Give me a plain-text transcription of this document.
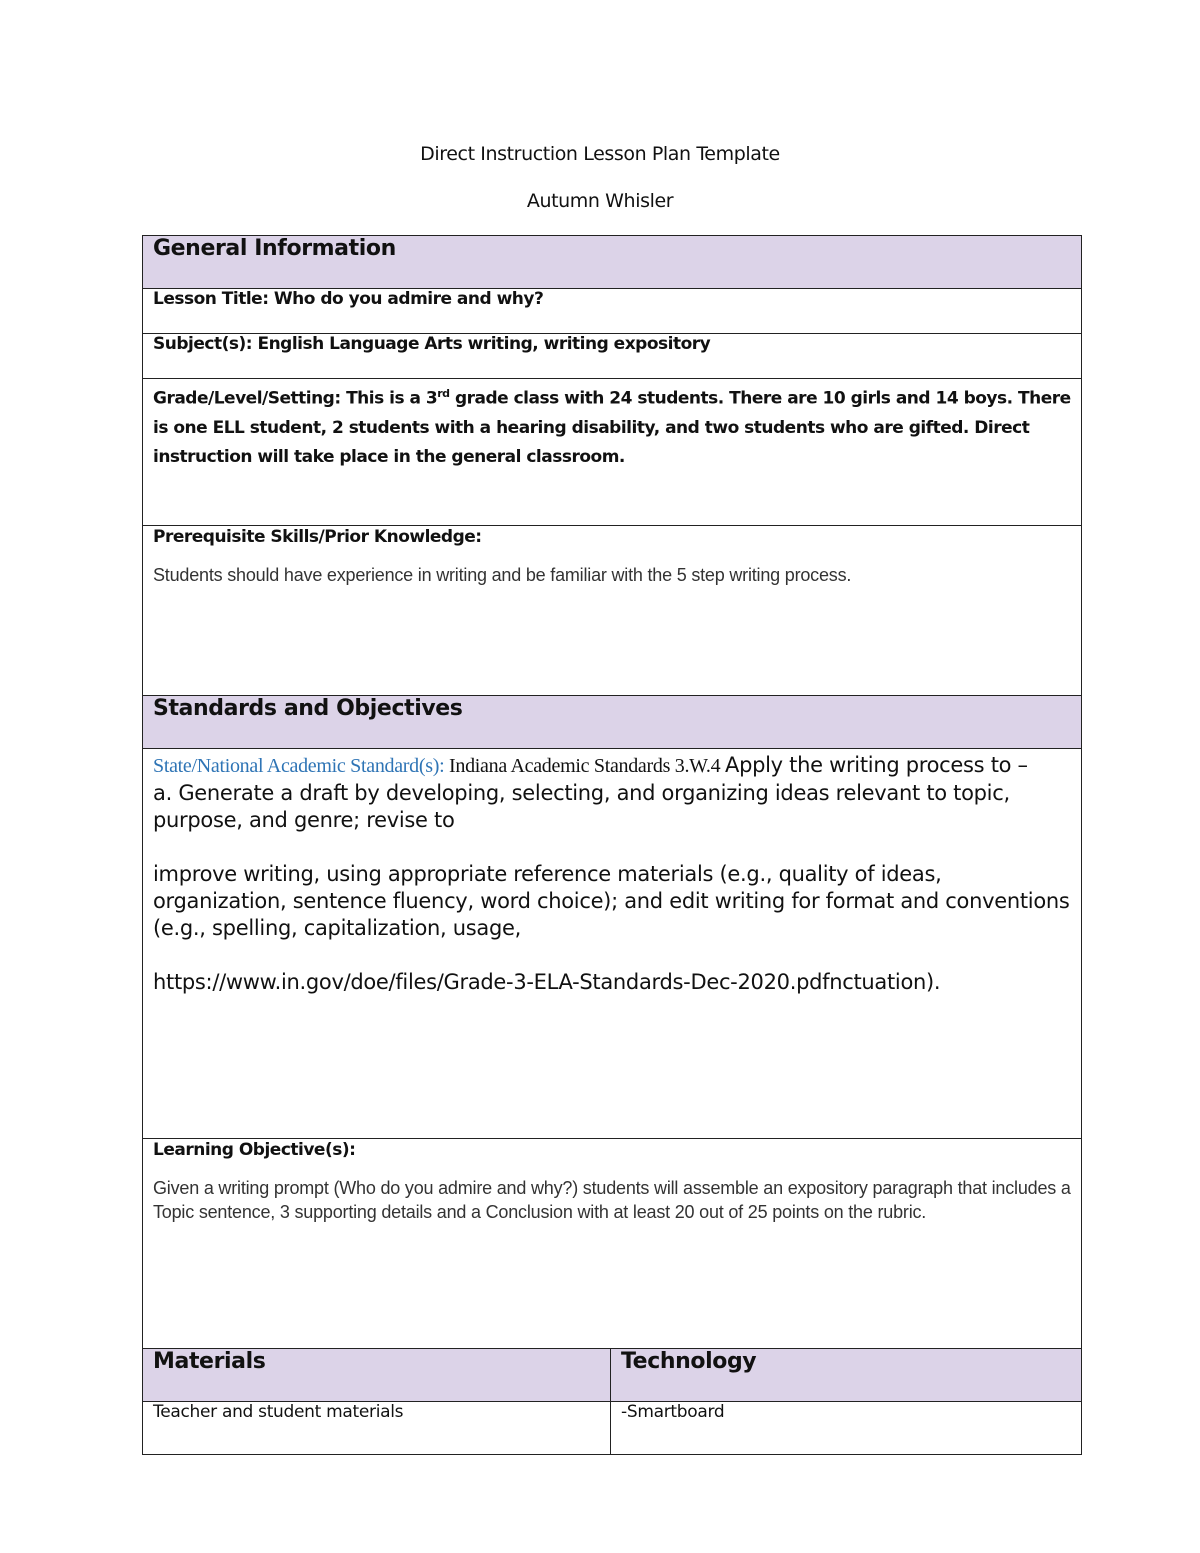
Direct Instruction Lesson Plan Template
Autumn Whisler
General Information	
Lesson Title: Who do you admire and why?	
Subject(s): English Language Arts writing, writing expository	
Grade/Level/Setting: This is a 3rd grade class with 24 students. There are 10 girls and 14 boys. There is one ELL student, 2 students with a hearing disability, and two students who are gifted. Direct instruction will take place in the general classroom.	

Prerequisite Skills/Prior Knowledge:

Students should have experience in writing and be familiar with the 5 step writing process.	

Standards and Objectives	

State/National Academic Standard(s): Indiana Academic Standards 3.W.4 Apply the writing process to –

a. Generate a draft by developing, selecting, and organizing ideas relevant to topic, purpose, and genre; revise to

improve writing, using appropriate reference materials (e.g., quality of ideas, organization, sentence fluency, word choice); and edit writing for format and conventions (e.g., spelling, capitalization, usage,

https://www.in.gov/doe/files/Grade-3-ELA-Standards-Dec-2020.pdfnctuation).	

Learning Objective(s):

Given a writing prompt (Who do you admire and why?) students will assemble an expository paragraph that includes a Topic sentence, 3 supporting details and a Conclusion with at least 20 out of 25 points on the rubric.	

Materials	Technology
Teacher and student materials	-Smartboard
